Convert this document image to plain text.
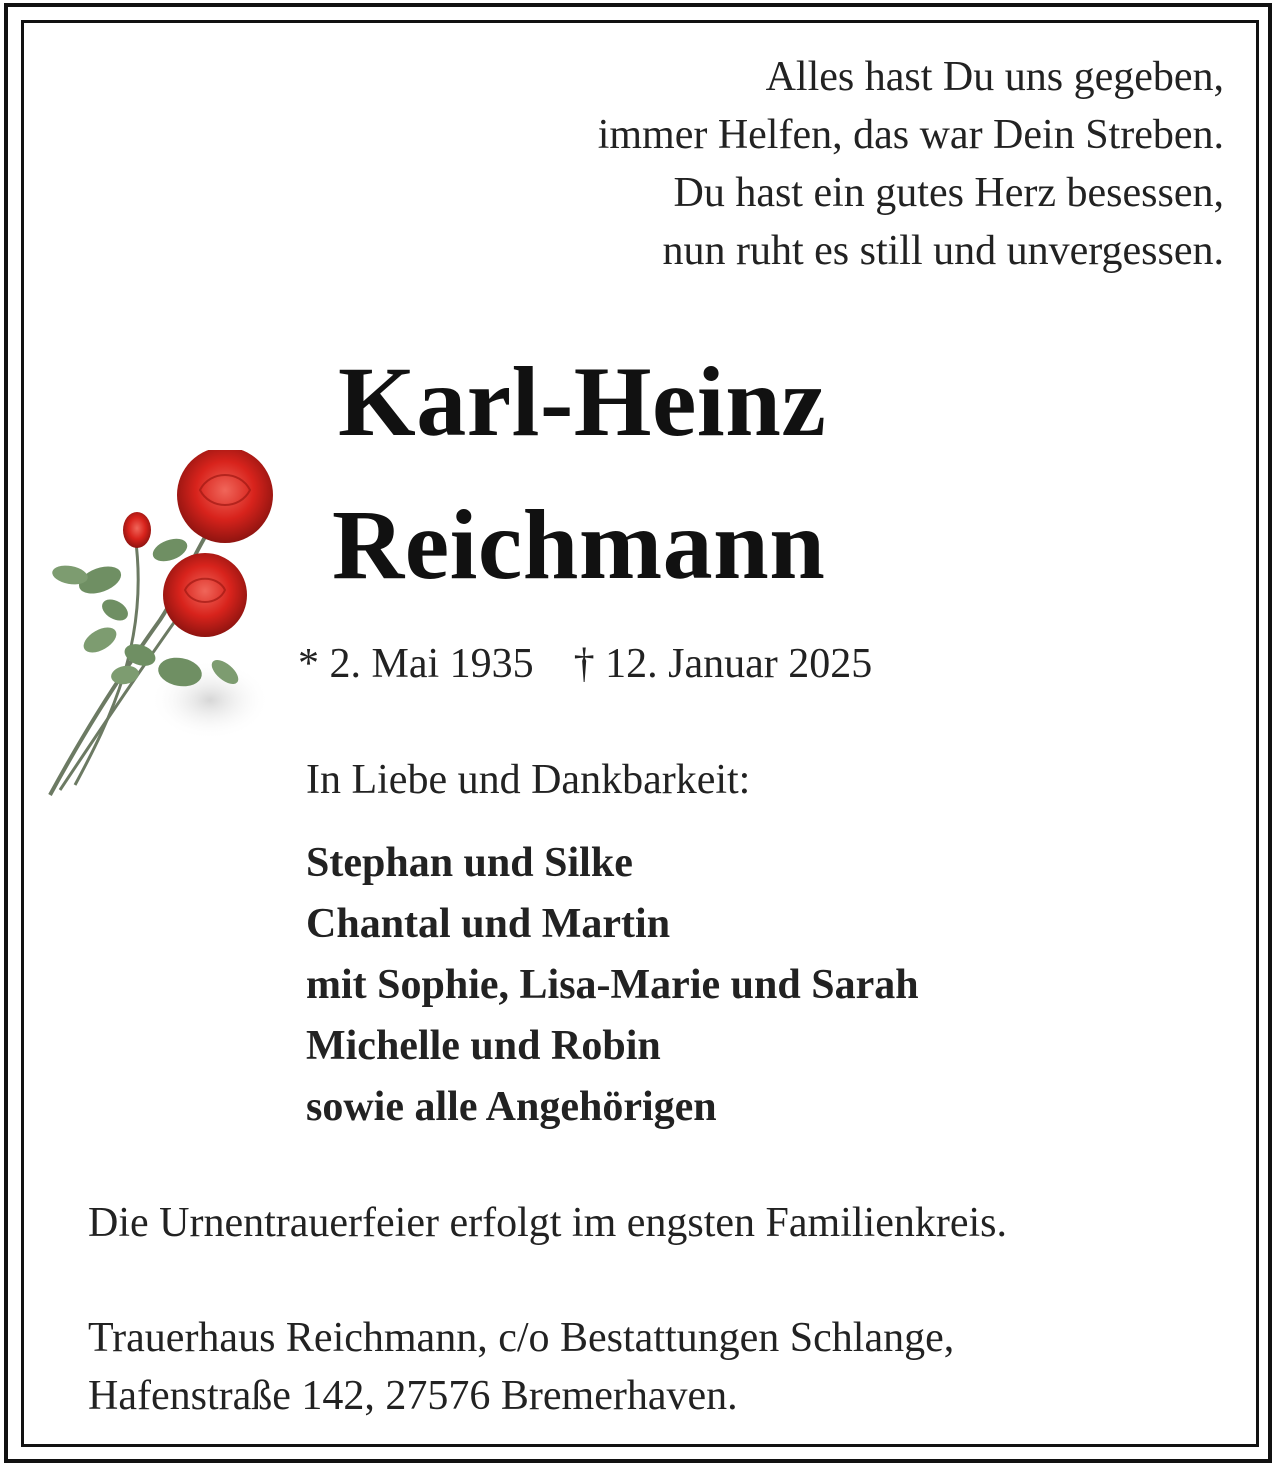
Alles hast Du uns gegeben,
immer Helfen, das war Dein Streben.
Du hast ein gutes Herz besessen,
nun ruht es still und unvergessen.
Karl-Heinz
Reichmann
* 2. Mai 1935 † 12. Januar 2025
In Liebe und Dankbarkeit:
Stephan und Silke
Chantal und Martin
mit Sophie, Lisa-Marie und Sarah
Michelle und Robin
sowie alle Angehörigen
Die Urnentrauerfeier erfolgt im engsten Familienkreis.
Trauerhaus Reichmann, c/o Bestattungen Schlange,
Hafenstraße 142, 27576 Bremerhaven.
